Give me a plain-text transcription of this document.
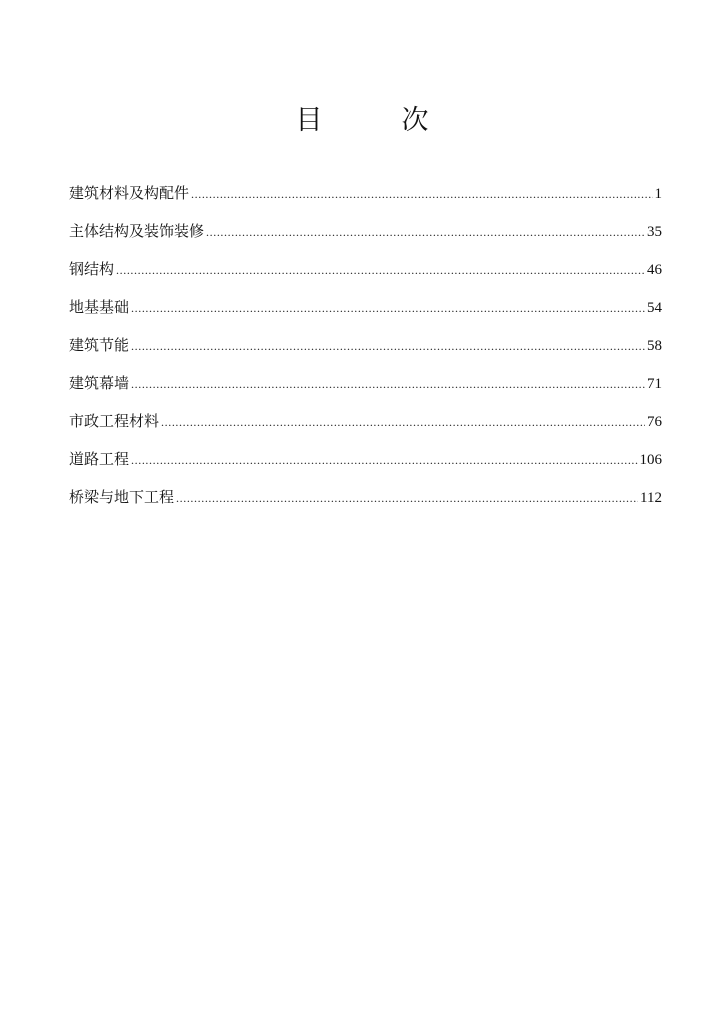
目　次
建筑材料及构配件 .....	1
主体结构及装饰装修 .....	35
钢结构 .....	46
地基基础 .....	54
建筑节能 .....	58
建筑幕墙 .....	71
市政工程材料 .....	76
道路工程 .....	106
桥梁与地下工程 .....	112
